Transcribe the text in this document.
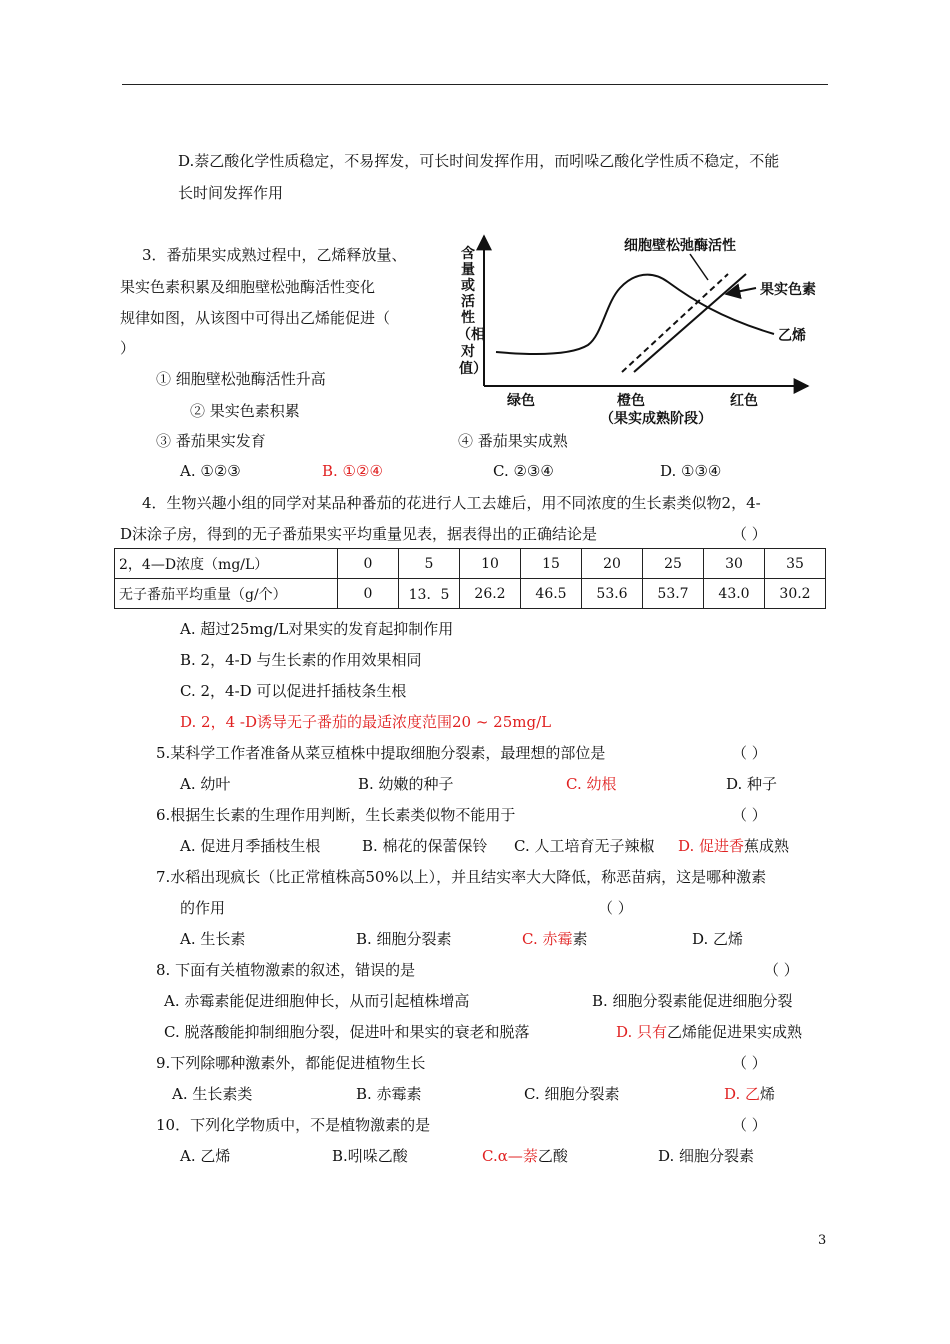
D.萘乙酸化学性质稳定，不易挥发，可长时间发挥作用，而吲哚乙酸化学性质不稳定，不能
长时间发挥作用
3．番茄果实成熟过程中，乙烯释放量、
果实色素积累及细胞壁松弛酶活性变化
规律如图，从该图中可得出乙烯能促进（
）
① 细胞壁松弛酶活性升高
② 果实色素积累
③ 番茄果实发育	④ 番茄果实成熟
A. ①②③	B. ①②④	C. ②③④	D. ①③④
含
量
或
活
性
（相
对
值）
细胞壁松弛酶活性
果实色素
乙烯
绿色	橙色	红色
（果实成熟阶段）
4．生物兴趣小组的同学对某品种番茄的花进行人工去雄后，用不同浓度的生长素类似物2，4-
D沫涂子房，得到的无子番茄果实平均重量见表，据表得出的正确结论是	（ ）
2，4—D浓度（mg/L）	0	5	10	15	20	25	30	35
无子番茄平均重量（g/个）	0	13．5	26.2	46.5	53.6	53.7	43.0	30.2
A. 超过25mg/L对果实的发育起抑制作用
B. 2，4-D 与生长素的作用效果相同
C. 2，4-D 可以促进扦插枝条生根
D. 2，4 -D诱导无子番茄的最适浓度范围20 ~ 25mg/L
5.某科学工作者准备从菜豆植株中提取细胞分裂素，最理想的部位是	（ ）
A. 幼叶	B. 幼嫩的种子	C. 幼根	D. 种子
6.根据生长素的生理作用判断，生长素类似物不能用于	（ ）
A. 促进月季插枝生根	B. 棉花的保蕾保铃 C. 人工培育无子辣椒 D. 促进香蕉成熟
7.水稻出现疯长（比正常植株高50%以上），并且结实率大大降低，称恶苗病，这是哪种激素
的作用	（ ）
A. 生长素	B. 细胞分裂素	C. 赤霉素	D. 乙烯
8. 下面有关植物激素的叙述，错误的是	（ ）
A. 赤霉素能促进细胞伸长，从而引起植株增高	B. 细胞分裂素能促进细胞分裂
C. 脱落酸能抑制细胞分裂，促进叶和果实的衰老和脱落	D. 只有乙烯能促进果实成熟
9.下列除哪种激素外，都能促进植物生长	（ ）
A. 生长素类	B. 赤霉素	C. 细胞分裂素	D. 乙烯
10．下列化学物质中，不是植物激素的是	（ ）
A. 乙烯	B.吲哚乙酸	C.α—萘乙酸	D. 细胞分裂素
3
